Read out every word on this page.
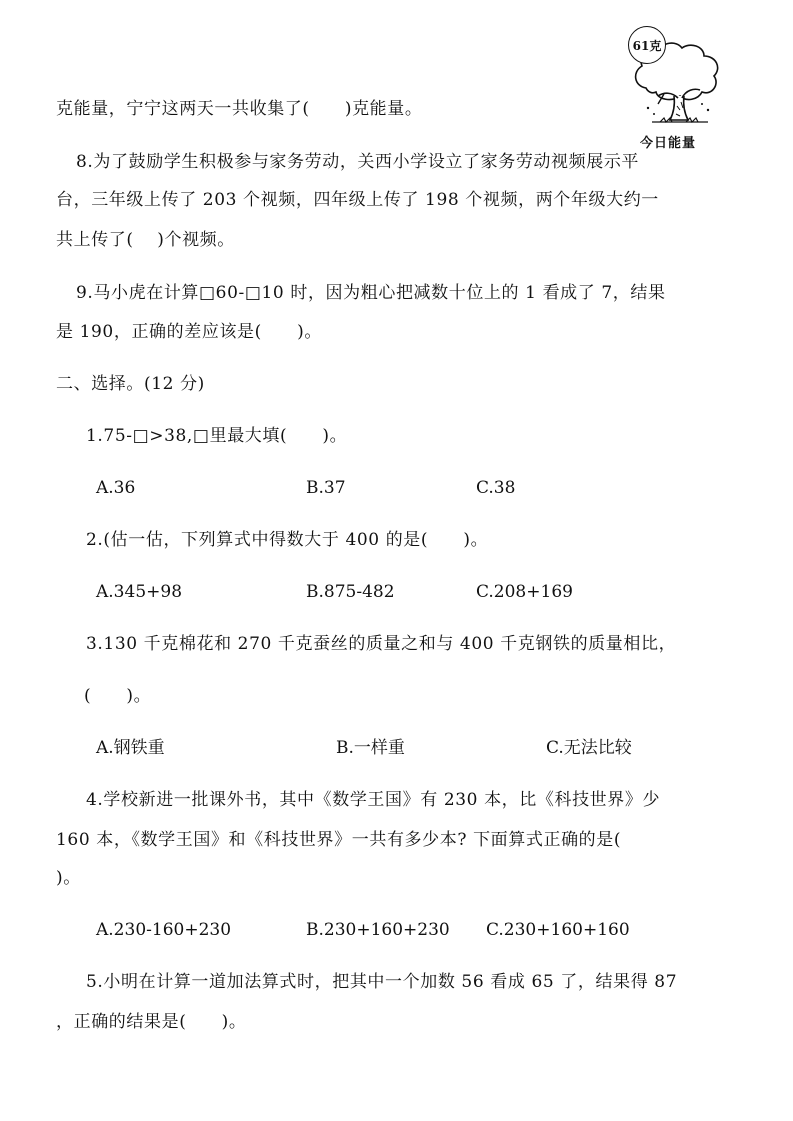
61克
今日能量
克能量，宁宁这两天一共收集了(　　)克能量。
8.为了鼓励学生积极参与家务劳动，关西小学设立了家务劳动视频展示平
台，三年级上传了 203 个视频，四年级上传了 198 个视频，两个年级大约一
共上传了(　 )个视频。
9.马小虎在计算□60-□10 时，因为粗心把减数十位上的 1 看成了 7，结果
是 190，正确的差应该是(　　)。
二、选择。(12 分)
1.75-□>38,□里最大填(　　)。
A.36	B.37	C.38
2.(估一估，下列算式中得数大于 400 的是(　　)。
A.345+98	B.875-482	C.208+169
3.130 千克棉花和 270 千克蚕丝的质量之和与 400 千克钢铁的质量相比，
(　　)。
A.钢铁重	B.一样重	C.无法比较
4.学校新进一批课外书，其中《数学王国》有 230 本，比《科技世界》少
160 本，《数学王国》和《科技世界》一共有多少本? 下面算式正确的是(
)。
A.230-160+230	B.230+160+230 C.230+160+160
5.小明在计算一道加法算式时，把其中一个加数 56 看成 65 了，结果得 87
，正确的结果是(　　)。
